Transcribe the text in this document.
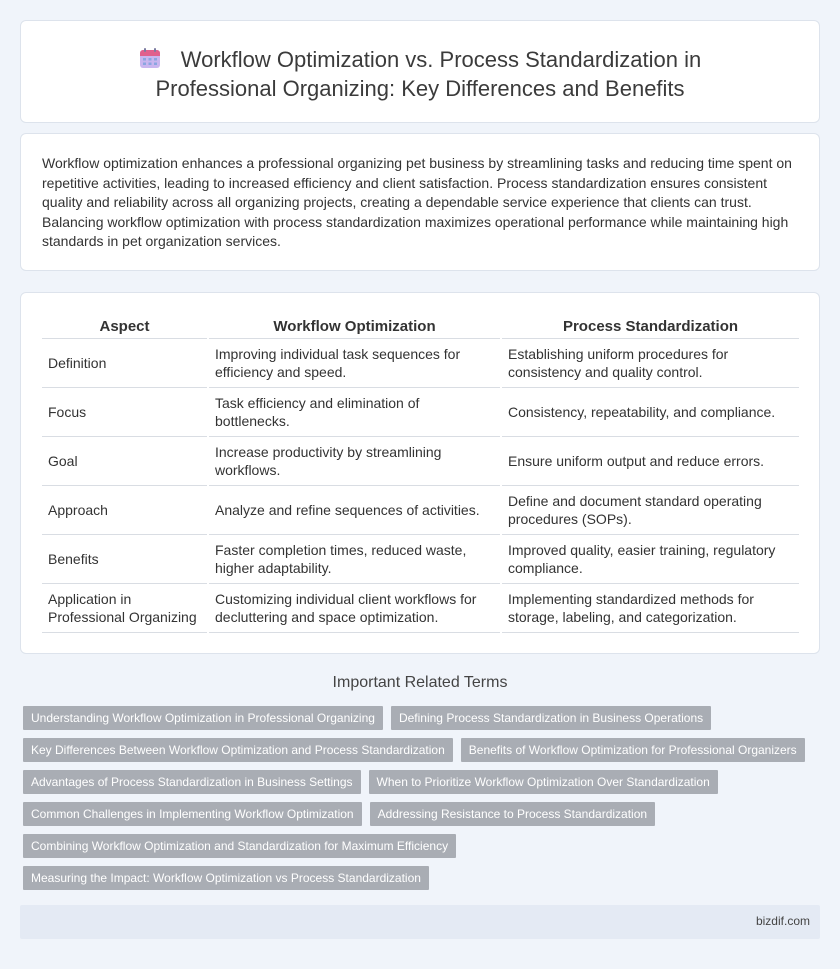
Workflow Optimization vs. Process Standardization in
Professional Organizing: Key Differences and Benefits

Workflow optimization enhances a professional organizing pet business by streamlining tasks and reducing time spent on repetitive activities, leading to increased efficiency and client satisfaction. Process standardization ensures consistent quality and reliability across all organizing projects, creating a dependable service experience that clients can trust. Balancing workflow optimization with process standardization maximizes operational performance while maintaining high standards in pet organization services.

Aspect	Workflow Optimization	Process Standardization
Definition	Improving individual task sequences for efficiency and speed.	Establishing uniform procedures for consistency and quality control.
Focus	Task efficiency and elimination of bottlenecks.	Consistency, repeatability, and compliance.
Goal	Increase productivity by streamlining workflows.	Ensure uniform output and reduce errors.
Approach	Analyze and refine sequences of activities.	Define and document standard operating procedures (SOPs).
Benefits	Faster completion times, reduced waste, higher adaptability.	Improved quality, easier training, regulatory compliance.
Application in Professional Organizing	Customizing individual client workflows for decluttering and space optimization.	Implementing standardized methods for storage, labeling, and categorization.
Important Related Terms
Understanding Workflow Optimization in Professional Organizing	Defining Process Standardization in Business Operations
Key Differences Between Workflow Optimization and Process Standardization	Benefits of Workflow Optimization for Professional Organizers
Advantages of Process Standardization in Business Settings	When to Prioritize Workflow Optimization Over Standardization
Common Challenges in Implementing Workflow Optimization	Addressing Resistance to Process Standardization
Combining Workflow Optimization and Standardization for Maximum Efficiency
Measuring the Impact: Workflow Optimization vs Process Standardization
bizdif.com
